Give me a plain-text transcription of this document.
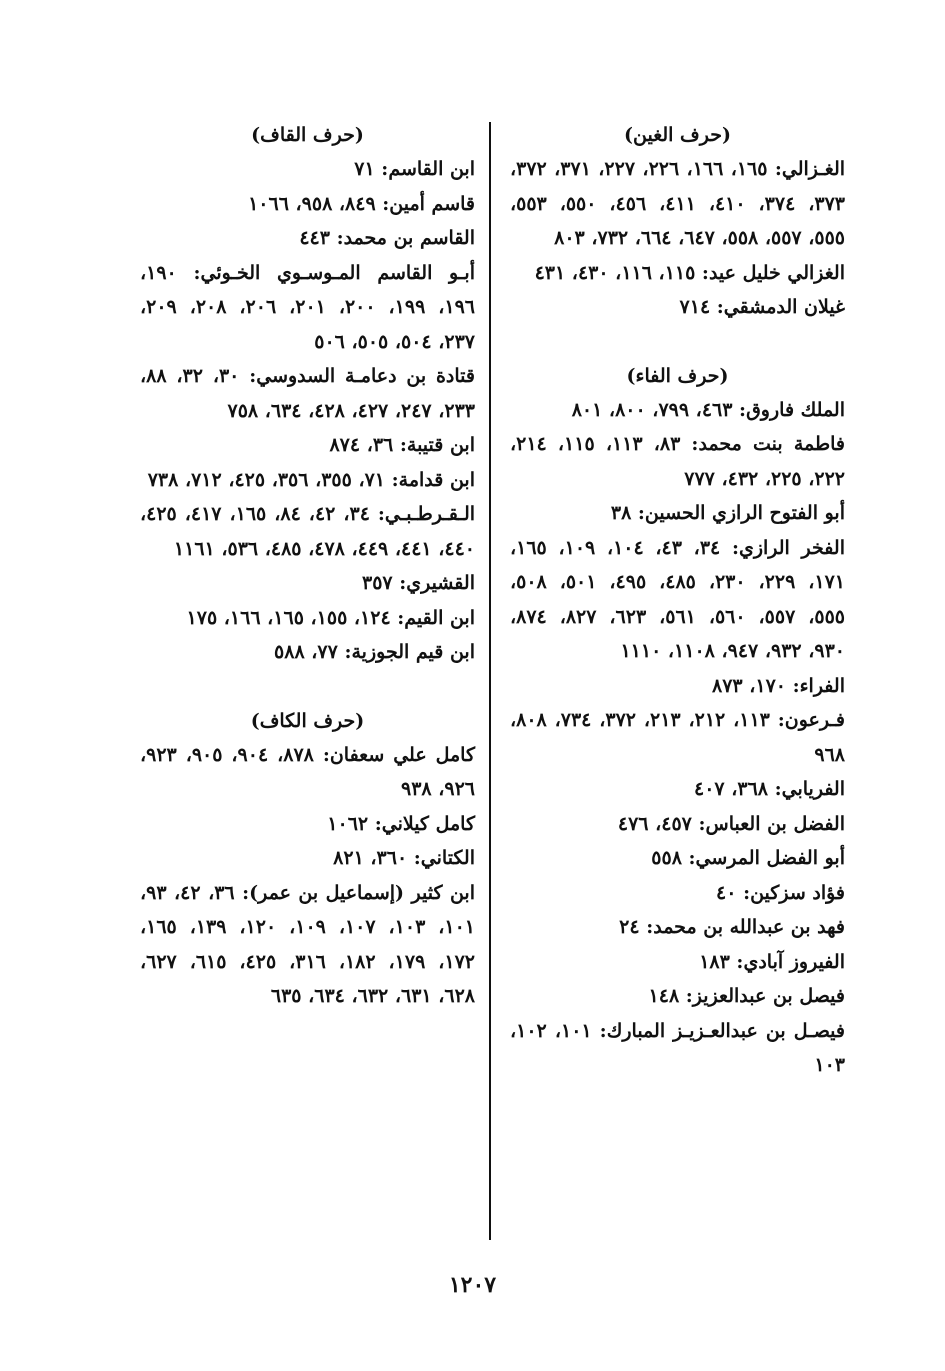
(حرف الغين)

الغـزالي: ١٦٥، ١٦٦، ٢٢٦، ٢٢٧، ٣٧١، ٣٧٢، ٣٧٣، ٣٧٤، ٤١٠، ٤١١، ٤٥٦، ٥٥٠، ٥٥٣، ٥٥٥، ٥٥٧، ٥٥٨، ٦٤٧، ٦٦٤، ٧٣٢، ٨٠٣

الغزالي خليل عيد: ١١٥، ١١٦، ٤٣٠، ٤٣١

غيلان الدمشقي: ٧١٤

(حرف الفاء)

الملك فاروق: ٤٦٣، ٧٩٩، ٨٠٠، ٨٠١

فاطمة بنت محمد: ٨٣، ١١٣، ١١٥، ٢١٤، ٢٢٢، ٢٢٥، ٤٣٢، ٧٧٧

أبو الفتوح الرازي الحسين: ٣٨

الفخر الرازي: ٣٤، ٤٣، ١٠٤، ١٠٩، ١٦٥، ١٧١، ٢٢٩، ٢٣٠، ٤٨٥، ٤٩٥، ٥٠١، ٥٠٨، ٥٥٥، ٥٥٧، ٥٦٠، ٥٦١، ٦٢٣، ٨٢٧، ٨٧٤، ٩٣٠، ٩٣٢، ٩٤٧، ١١٠٨، ١١١٠

الفراء: ١٧٠، ٨٧٣

فـرعون: ١١٣، ٢١٢، ٢١٣، ٣٧٢، ٧٣٤، ٨٠٨، ٩٦٨

الفريابي: ٣٦٨، ٤٠٧

الفضل بن العباس: ٤٥٧، ٤٧٦

أبو الفضل المرسي: ٥٥٨

فؤاد سزكين: ٤٠

فهد بن عبدالله بن محمد: ٢٤

الفيروز آبادي: ١٨٣

فيصل بن عبدالعزيز: ١٤٨

فيصـل بن عبدالعـزيـز المبارك: ١٠١، ١٠٢، ١٠٣

(حرف القاف)

ابن القاسم: ٧١

قاسم أمين: ٨٤٩، ٩٥٨، ١٠٦٦

القاسم بن محمد: ٤٤٣

أبـو القاسم المـوسـوي الخـوئي: ١٩٠، ١٩٦، ١٩٩، ٢٠٠، ٢٠١، ٢٠٦، ٢٠٨، ٢٠٩، ٢٣٧، ٥٠٤، ٥٠٥، ٥٠٦

قتادة بن دعامـة السدوسي: ٣٠، ٣٢، ٨٨، ٢٣٣، ٢٤٧، ٤٢٧، ٤٢٨، ٦٣٤، ٧٥٨

ابن قتيبة: ٣٦، ٨٧٤

ابن قدامة: ٧١، ٣٥٥، ٣٥٦، ٤٢٥، ٧١٢، ٧٣٨

الـقـرطـبـي: ٣٤، ٤٢، ٨٤، ١٦٥، ٤١٧، ٤٢٥، ٤٤٠، ٤٤١، ٤٤٩، ٤٧٨، ٤٨٥، ٥٣٦، ١١٦١

القشيري: ٣٥٧

ابن القيم: ١٢٤، ١٥٥، ١٦٥، ١٦٦، ١٧٥

ابن قيم الجوزية: ٧٧، ٥٨٨

(حرف الكاف)

كامل علي سعفان: ٨٧٨، ٩٠٤، ٩٠٥، ٩٢٣، ٩٢٦، ٩٣٨

كامل كيلاني: ١٠٦٢

الكتاني: ٣٦٠، ٨٢١

ابن كثير (إسماعيل بن عمر): ٣٦، ٤٢، ٩٣، ١٠١، ١٠٣، ١٠٧، ١٠٩، ١٢٠، ١٣٩، ١٦٥، ١٧٢، ١٧٩، ١٨٢، ٣١٦، ٤٢٥، ٦١٥، ٦٢٧، ٦٢٨، ٦٣١، ٦٣٢، ٦٣٤، ٦٣٥

١٢٠٧
